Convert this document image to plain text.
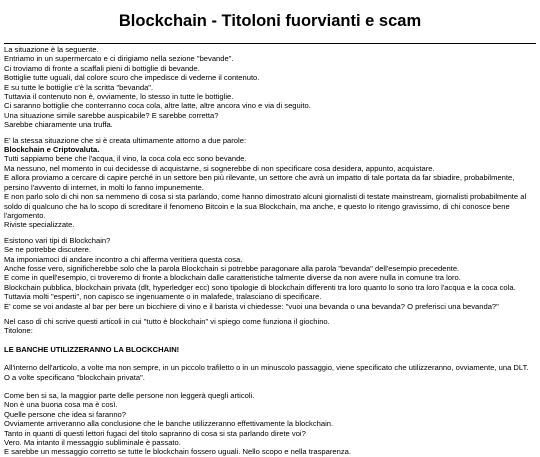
Blockchain - Titoloni fuorvianti e scam
La situazione è la seguente.
Entriamo in un supermercato e ci dirigiamo nella sezione "bevande".
Ci troviamo di fronte a scaffali pieni di bottiglie di bevande.
Bottiglie tutte uguali, dal colore scuro che impedisce di vederne il contenuto.
E su tutte le bottiglie c'è la scritta "bevanda".
Tuttavia il contenuto non è, ovviamente, lo stesso in tutte le bottiglie.
Ci saranno bottiglie che conterranno coca cola, altre latte, altre ancora vino e via di seguito.
Una situazione simile sarebbe auspicabile? E sarebbe corretta?
Sarebbe chiaramente una truffa.
E' la stessa situazione che si è creata ultimamente attorno a due parole:
Blockchain e Criptovaluta.
Tutti sappiamo bene che l'acqua, il vino, la coca cola ecc sono bevande.
Ma nessuno, nel momento in cui decidesse di acquistarne, si sognerebbe di non specificare cosa desidera, appunto, acquistare.
E allora proviamo a cercare di capire perché in un settore ben più rilevante, un settore che avrà un impatto di tale portata da far sbiadire, probabilmente, persino l'avvento di internet, in molti lo fanno impunemente.
E non parlo solo di chi non sa nemmeno di cosa si sta parlando, come hanno dimostrato alcuni giornalisti di testate mainstream, giornalisti probabilmente al soldo di qualcuno che ha lo scopo di screditare il fenomeno Bitcoin e la sua Blockchain, ma anche, e questo lo ritengo gravissimo, di chi conosce bene l'argomento.
Riviste specializzate.
Esistono vari tipi di Blockchain?
Se ne potrebbe discutere.
Ma imponiamoci di andare incontro a chi afferma veritiera questa cosa.
Anche fosse vero, significherebbe solo che la parola Blockchain si potrebbe paragonare alla parola "bevanda" dell'esempio precedente.
E come in quell'esempio, ci troveremo di fronte a blockchain dalle caratteristiche talmente diverse da non avere nulla in comune tra loro.
Blockchain pubblica, blockchain privata (dlt, hyperledger ecc) sono tipologie di blockchain differenti tra loro quanto lo sono tra loro l'acqua e la coca cola.
Tuttavia molti "esperti", non capisco se ingenuamente o in malafede, tralasciano di specificare.
E' come se voi andaste al bar per bere un bicchiere di vino e il barista vi chiedesse: "vuoi una bevanda o una bevanda? O preferisci una bevanda?"
Nel caso di chi scrive questi articoli in cui "tutto è blockchain" vi spiego come funziona il giochino.
Titolone:
LE BANCHE UTILIZZERANNO LA BLOCKCHAIN!
All'interno dell'articolo, a volte ma non sempre, in un piccolo trafiletto o in un minuscolo passaggio, viene specificato che utilizzeranno, ovviamente, una DLT.
O a volte specificano "blockchain privata".
Come ben si sa, la maggior parte delle persone non leggerà quegli articoli.
Non è una buona cosa ma è così.
Quelle persone che idea si faranno?
Ovviamente arriveranno alla conclusione che le banche utilizzeranno effettivamente la blockchain.
Tanto in quanti di questi lettori fugaci del titolo sapranno di cosa si sta parlando direte voi?
Vero. Ma intanto il messaggio subliminale è passato.
E sarebbe un messaggio corretto se tutte le blockchain fossero uguali. Nello scopo e nella trasparenza.
